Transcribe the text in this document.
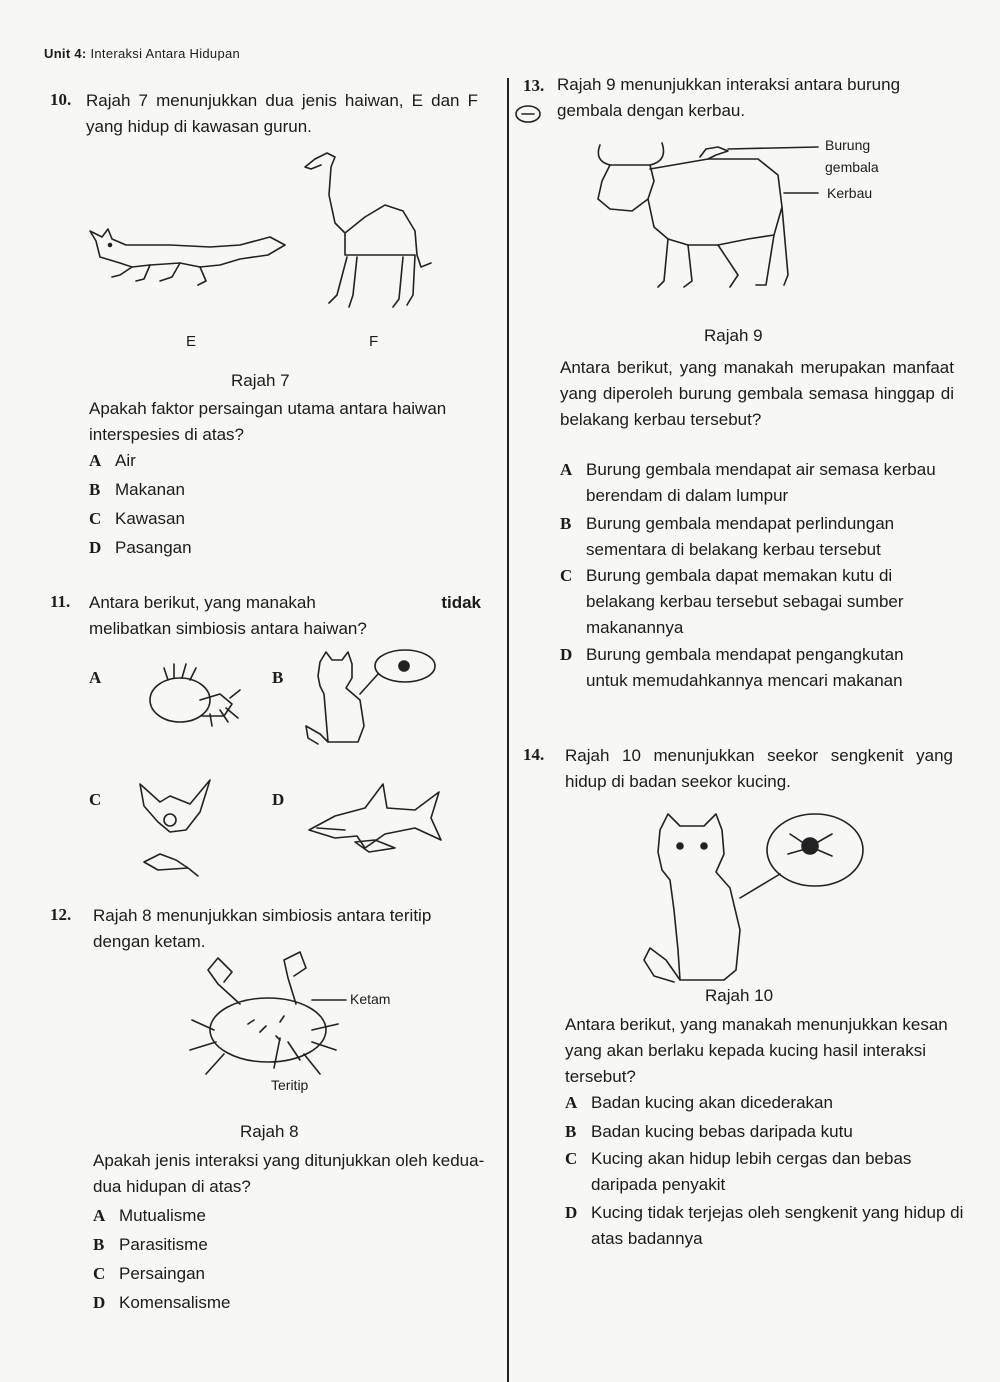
Unit 4: Interaksi Antara Hidupan
10. Rajah 7 menunjukkan dua jenis haiwan, E dan F yang hidup di kawasan gurun.
E	F
Rajah 7
Apakah faktor persaingan utama antara haiwan interspesies di atas?
A Air
B Makanan
C Kawasan
D Pasangan
11. Antara berikut, yang manakah	tidak
melibatkan simbiosis antara haiwan?
A	B
C	D
12. Rajah 8 menunjukkan simbiosis antara teritip dengan ketam.
Ketam
Teritip
Rajah 8
Apakah jenis interaksi yang ditunjukkan oleh kedua-dua hidupan di atas?
A Mutualisme
B Parasitisme
C Persaingan
D Komensalisme
13. Rajah 9 menunjukkan interaksi antara burung gembala dengan kerbau.
Burung gembala
Kerbau
Rajah 9
Antara berikut, yang manakah merupakan manfaat yang diperoleh burung gembala semasa hinggap di belakang kerbau tersebut?
A Burung gembala mendapat air semasa kerbau berendam di dalam lumpur
B Burung gembala mendapat perlindungan sementara di belakang kerbau tersebut
C Burung gembala dapat memakan kutu di belakang kerbau tersebut sebagai sumber makanannya
D Burung gembala mendapat pengangkutan untuk memudahkannya mencari makanan
14. Rajah 10 menunjukkan seekor sengkenit yang hidup di badan seekor kucing.
Rajah 10
Antara berikut, yang manakah menunjukkan kesan yang akan berlaku kepada kucing hasil interaksi tersebut?
A Badan kucing akan dicederakan
B Badan kucing bebas daripada kutu
C Kucing akan hidup lebih cergas dan bebas daripada penyakit
D Kucing tidak terjejas oleh sengkenit yang hidup di atas badannya
